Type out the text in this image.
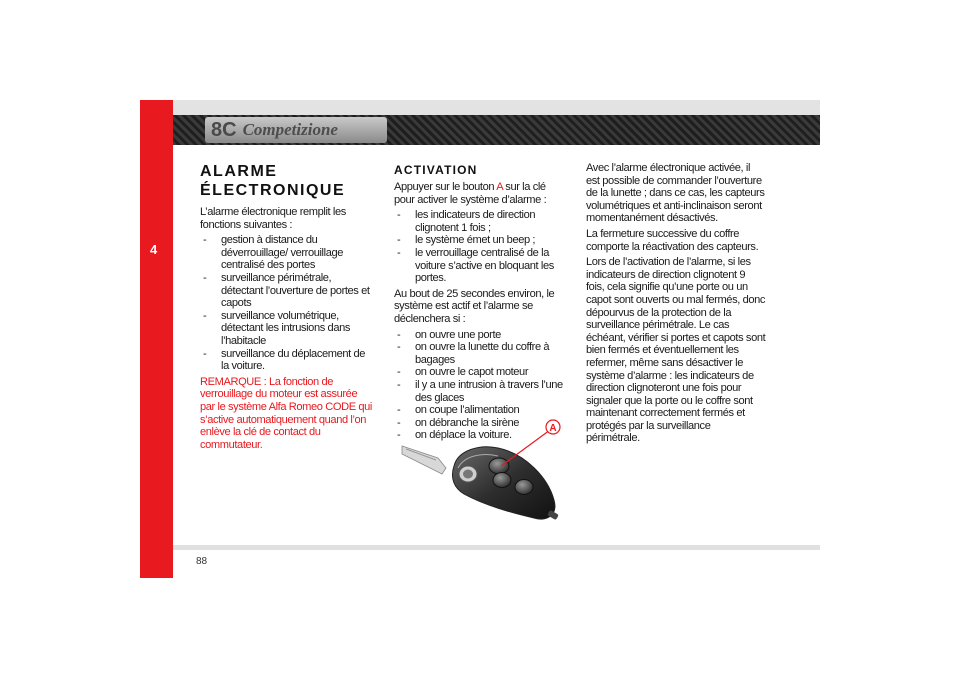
4
8C Competizione
ALARME ÉLECTRONIQUE

L’alarme électronique remplit les fonctions suivantes :

- gestion à distance du déverrouillage/ verrouillage centralisé des portes
- surveillance périmétrale, détectant l’ouverture de portes et capots
- surveillance volumétrique, détectant les intrusions dans l’habitacle
- surveillance du déplacement de la voiture.

REMARQUE : La fonction de verrouillage du moteur est assurée par le système Alfa Romeo CODE qui s’active automatiquement quand l’on enlève la clé de contact du commutateur.

ACTIVATION

Appuyer sur le bouton A sur la clé pour activer le système d’alarme :

- les indicateurs de direction clignotent 1 fois ;
- le système émet un beep ;
- le verrouillage centralisé de la voiture s’active en bloquant les portes.

Au bout de 25 secondes environ, le système est actif et l’alarme se déclenchera si :

- on ouvre une porte
- on ouvre la lunette du coffre à bagages
- on ouvre le capot moteur
- il y a une intrusion à travers l’une des glaces
- on coupe l’alimentation
- on débranche la sirène
- on déplace la voiture.
A

Avec l’alarme électronique activée, il est possible de commander l’ouverture de la lunette ; dans ce cas, les capteurs volumétriques et anti-inclinaison seront momentanément désactivés.

La fermeture successive du coffre comporte la réactivation des capteurs.

Lors de l’activation de l’alarme, si les indicateurs de direction clignotent 9 fois, cela signifie qu’une porte ou un capot sont ouverts ou mal fermés, donc dépourvus de la protection de la surveillance périmétrale. Le cas échéant, vérifier si portes et capots sont bien fermés et éventuellement les refermer, même sans désactiver le système d’alarme : les indicateurs de direction clignoteront une fois pour signaler que la porte ou le coffre sont maintenant correctement fermés et protégés par la surveillance périmétrale.

88
